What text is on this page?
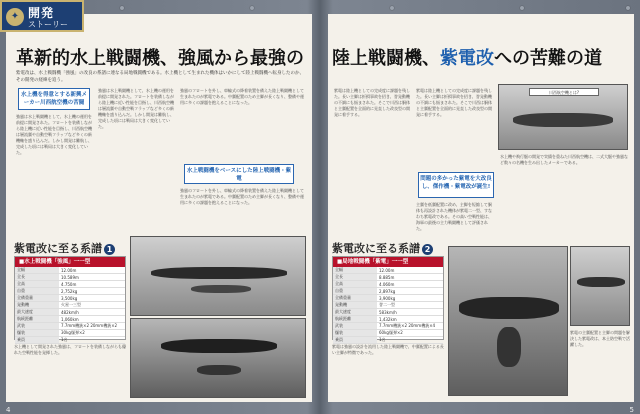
✦ 開発
ストーリー
革新的水上戦闘機、強風から最強の
紫電改は、水上戦闘機「強風」の改良の系譜に連なる局地戦闘機である。水上機として生まれた機体はいかにして陸上戦闘機へ転身したのか、その開発の経緯を追う。
水上機を得意とする新興メーカー川西航空機の苦闘
強風は水上戦闘機として、水上機の運用を前提に開発された。フロートを装備しながら陸上機に近い性能を目指し、川西航空機は層流翼や自動空戦フラップなど多くの新機軸を盛り込んだ。しかし開発は難航し、完成した頃には戦局は大きく変化していた。
強風は水上戦闘機として、水上機の運用を前提に開発された。フロートを装備しながら陸上機に近い性能を目指し、川西航空機は層流翼や自動空戦フラップなど多くの新機軸を盛り込んだ。しかし開発は難航し、完成した頃には戦局は大きく変化していた。
強風のフロートを外し、車輪式の降着装置を備えた陸上戦闘機として生まれたのが紫電である。中翼配置のため主脚が長くなり、整備や運用に多くの課題を抱えることになった。
水上戦闘機をベースにした陸上戦闘機・紫電
強風のフロートを外し、車輪式の降着装置を備えた陸上戦闘機として生まれたのが紫電である。中翼配置のため主脚が長くなり、整備や運用に多くの課題を抱えることになった。
紫電改に至る系譜 1
■水上戦闘機「強風」一一型
全幅	12.00m
全長	10.589m
全高	4.750m
自重	2,752kg
全備重量	3,500kg
発動機	火星一三型
最大速度	482km/h
航続距離	1,060km
武装	7.7mm機銃×2 20mm機銃×2
爆装	30kg爆弾×2
乗員	1名
水上機として開発された強風は、フロートを装備しながらも優れた空戦性能を発揮した。
4
陸上戦闘機、紫電改への苦難の道
紫電は陸上機としての完成度に課題を残した。長い主脚は折損事故を招き、誉発動機の不調にも悩まされた。そこで川西は胴体と主翼配置を全面的に見直した改良型の開発に着手する。
紫電は陸上機としての完成度に課題を残した。長い主脚は折損事故を招き、誉発動機の不調にも悩まされた。そこで川西は胴体と主翼配置を全面的に見直した改良型の開発に着手する。
問題の多かった紫電を大改良し、傑作機・紫電改が誕生!
主翼を低翼配置に改め、主脚を短縮して胴体も再設計された機体が紫電二一型、すなわち紫電改である。その高い空戦性能は、海軍の最後の主力戦闘機として評価された。
川西航空機とは?
水上機や飛行艇の開発で実績を重ねた川西航空機は、二式大艇や強風など数々の名機を生み出したメーカーである。
紫電改に至る系譜 2
■局地戦闘機「紫電」一一型
全幅	12.00m
全長	8.885m
全高	4.060m
自重	2,897kg
全備重量	3,900kg
発動機	誉二一型
最大速度	583km/h
航続距離	1,432km
武装	7.7mm機銃×2 20mm機銃×4
爆装	60kg爆弾×2
乗員	1名
紫電は強風の設計を流用した陸上戦闘機で、中翼配置による長い主脚が特徴であった。
紫電の主翼配置と主脚の問題を解決した紫電改は、本土防空戦で活躍した。
5
